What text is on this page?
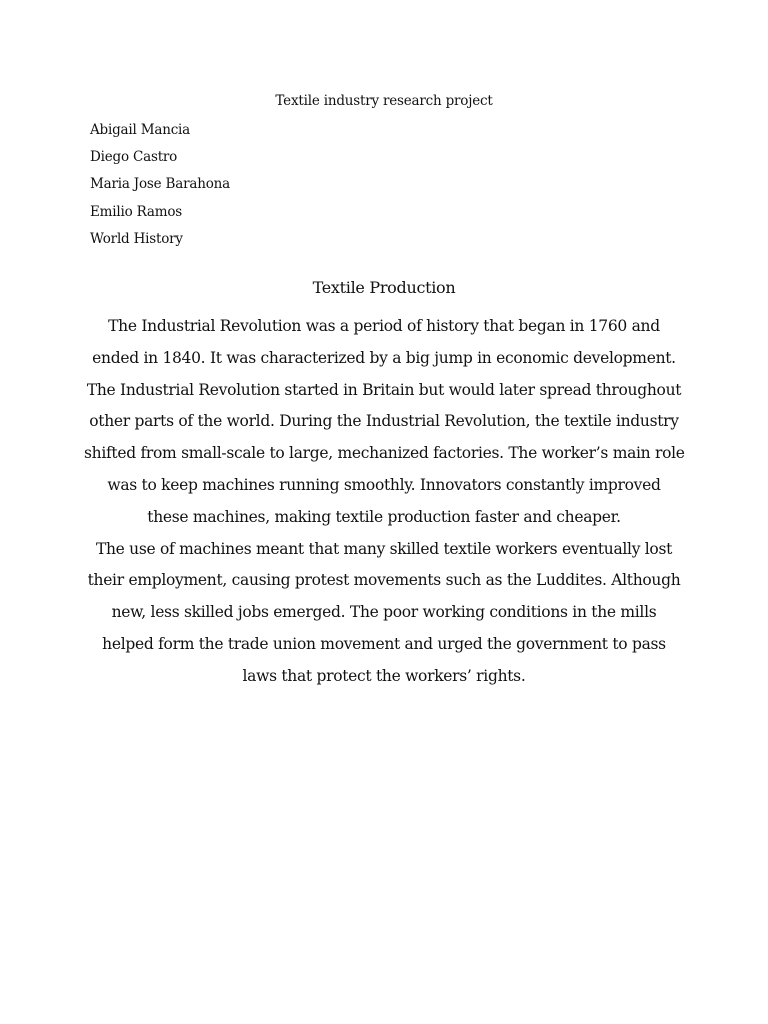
Textile industry research project
Abigail Mancia
Diego Castro
Maria Jose Barahona
Emilio Ramos
World History
Textile Production
The Industrial Revolution was a period of history that began in 1760 and
ended in 1840. It was characterized by a big jump in economic development.
The Industrial Revolution started in Britain but would later spread throughout
other parts of the world. During the Industrial Revolution, the textile industry
shifted from small-scale to large, mechanized factories. The worker’s main role
was to keep machines running smoothly. Innovators constantly improved
these machines, making textile production faster and cheaper.
The use of machines meant that many skilled textile workers eventually lost
their employment, causing protest movements such as the Luddites. Although
new, less skilled jobs emerged. The poor working conditions in the mills
helped form the trade union movement and urged the government to pass
laws that protect the workers’ rights.
